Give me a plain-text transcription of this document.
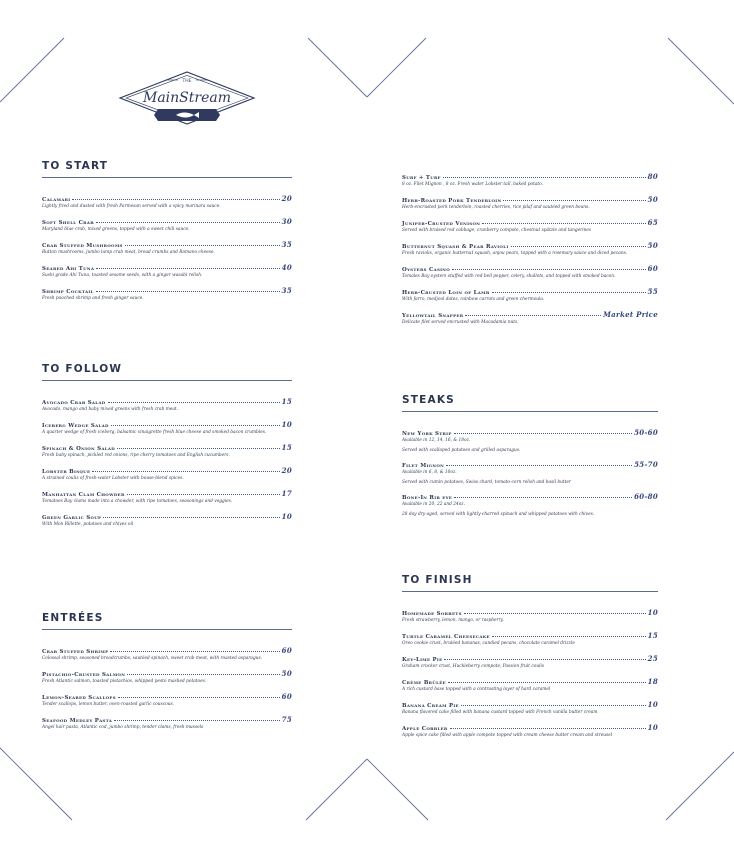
THE
MainStream
TO START
Calamari	20
Lightly fried and dusted with fresh Parmesan served with a spicy marinara sauce.
Soft Shell Crab	30
Maryland blue crab, mixed greens, topped with a sweet chili sauce.
Crab Stuffed Mushrooms	35
Button mushrooms, jumbo lump crab meat, bread crumbs and Romano cheese.
Seared Ahi Tuna	40
Sushi grade Ahi Tuna, toasted sesame seeds, with a ginger wasabi relish.
Shrimp Cocktail	35
Fresh poached shrimp and fresh ginger sauce.
TO FOLLOW
Avocado Crab Salad	15
Avocado, mango and baby mixed greens with fresh crab meat.
Iceberg Wedge Salad	10
A quarter wedge of fresh iceberg, balsamic vinaigrette fresh blue cheese and smoked bacon crumbles.
Spinach & Onion Salad	15
Fresh baby spinach, pickled red onions, ripe cherry tomatoes and English cucumbers.
Lobster Bisque	20
A strained coulis of fresh-water Lobster with bouse-blend spices.
Manhattan Clam Chowder	17
Tomatoes Bay clams made into a chowder, with ripe tomatoes, seasonings and veggies.
Green Garlic Soup	10
With Mon Rillette, potatoes and chives oil
ENTRÉES
Crab Stuffed Shrimp	60
Colossal shrimp, seasoned breadcrumbs, sautéed spinach, sweet crab meat, with roasted asparagus.
Pistachio-Crusted Salmon	50
Fresh Atlantic salmon, toasted pistachios, whipped pesto mashed potatoes.
Lemon-Seared Scallops	60
Tender scallops, lemon butter, oven-roasted garlic couscous.
Seafood Medley Pasta	75
Angel hair pasta, Atlantic cod, jumbo shrimp, tender clams, fresh mussels
Surf + Turf	80
8 oz. Filet Mignon , 8 oz. Fresh water Lobster tail, baked potato.
Herb-Roasted Pork Tenderloin	50
Herb-encrusted pork tenderloin, roasted cherries, rice pilaf and sautéed green beans.
Juniper-Crusted Venison	65
Served with braised red cabbage, cranberry compote, chestnut spätzle and tangerines
Butternut Squash & Pear Ravioli	50
Fresh raviolis, organic butternut squash, anjou pears, topped with a rosemary sauce and diced pecans.
Oysters Casino	60
Tomales Bay oysters stuffed with red bell pepper, celery, shallots, and topped with smoked bacon.
Herb-Crusted Loin of Lamb	55
With farro, medjool dates, rainbow carrots and green chermoula.
Yellowtail Snapper	Market Price
Delicate filet served encrusted with Macadamia nuts.
STEAKS
New York Strip	50-60
Available in 12, 14, 16, & 18oz.
Served with scalloped potatoes and grilled asparagus.
Filet Mignon	55-70
Available in 6, 8, & 10oz.
Served with cumin potatoes, Swiss chard, tomato-corn relish and basil butter
Bone-In Rib eye	60-80
Available in 20, 22 and 24oz.
28 day dry-aged, served with lightly-charred spinach and whipped potatoes with chives.
TO FINISH
Homemade Sorbets	10
Fresh strawberry, lemon, mango, or raspberry.
Turtle Caramel Cheesecake	15
Oreo cookie crust, bruléed bananas, candied pecans, chocolate caramel drizzle
Key-Lime Pie	25
Graham cracker crust, Huckleberry compote, Passion fruit coulis
Crème Brûlée	18
A rich custard base topped with a contrasting layer of hard caramel
Banana Cream Pie	10
Banana flavored cake filled with banana custard topped with French vanilla butter cream
Apple Cobbler	10
Apple spice cake filled with apple compote topped with cream cheese butter cream and streusel
